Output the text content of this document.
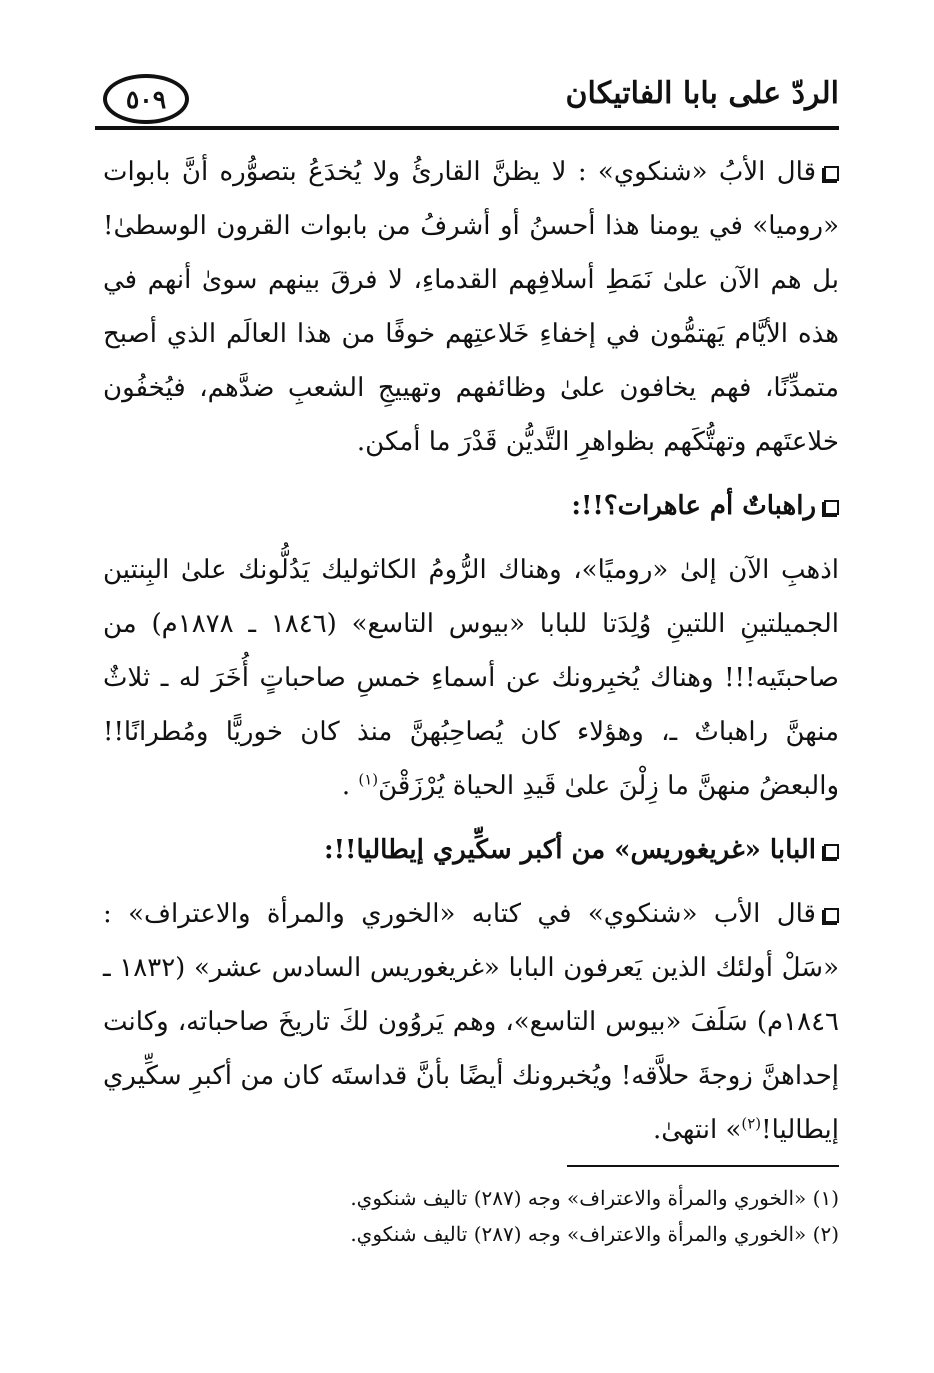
الردّ على بابا الفاتيكان
٥٠٩

قال الأبُ «شنكوي» : لا يظنَّ القارئُ ولا يُخدَعُ بتصوُّره أنَّ بابوات «روميا» في يومنا هذا أحسنُ أو أشرفُ من بابوات القرون الوسطىٰ! بل هم الآن علىٰ نَمَطِ أسلافِهم القدماءِ، لا فرقَ بينهم سوىٰ أنهم في هذه الأيَّام يَهتمُّون في إخفاءِ خَلاعتِهم خوفًا من هذا العالَم الذي أصبح متمدِّنًا، فهم يخافون علىٰ وظائفهم وتهييجِ الشعبِ ضدَّهم، فيُخفُون خلاعتَهم وتهتُّكَهم بظواهرِ التَّديُّن قَدْرَ ما أمكن.

راهباتٌ أم عاهرات؟!!:

اذهبِ الآن إلىٰ «روميًا»، وهناك الرُّومُ الكاثوليك يَدُلُّونك علىٰ البِنتين الجميلتينِ اللتينِ وُلِدَتا للبابا «بيوس التاسع» (١٨٤٦ ـ ١٨٧٨م) من صاحبتَيه!!! وهناك يُخبِرونك عن أسماءِ خمسِ صاحباتٍ أُخَرَ له ـ ثلاثٌ منهنَّ راهباتٌ ـ، وهؤلاء كان يُصاحِبُهنَّ منذ كان خوريًّا ومُطرانًا!! والبعضُ منهنَّ ما زِلْنَ علىٰ قَيدِ الحياة يُرْزَقْنَ$^{(١)}$ .

البابا «غريغوريس» من أكبر سكِّيري إيطاليا!!:

قال الأب «شنكوي» في كتابه «الخوري والمرأة والاعتراف» : «سَلْ أولئك الذين يَعرفون البابا «غريغوريس السادس عشر» (١٨٣٢ ـ ١٨٤٦م) سَلَفَ «بيوس التاسع»، وهم يَروُون لكَ تاريخَ صاحباته، وكانت إحداهنَّ زوجةَ حلاَّقه! ويُخبرونك أيضًا بأنَّ قداستَه كان من أكبرِ سكِّيري إيطاليا!$^{(٢)}$» انتهىٰ.

(١) «الخوري والمرأة والاعتراف» وجه (٢٨٧) تاليف شنكوي.

(٢) «الخوري والمرأة والاعتراف» وجه (٢٨٧) تاليف شنكوي.
